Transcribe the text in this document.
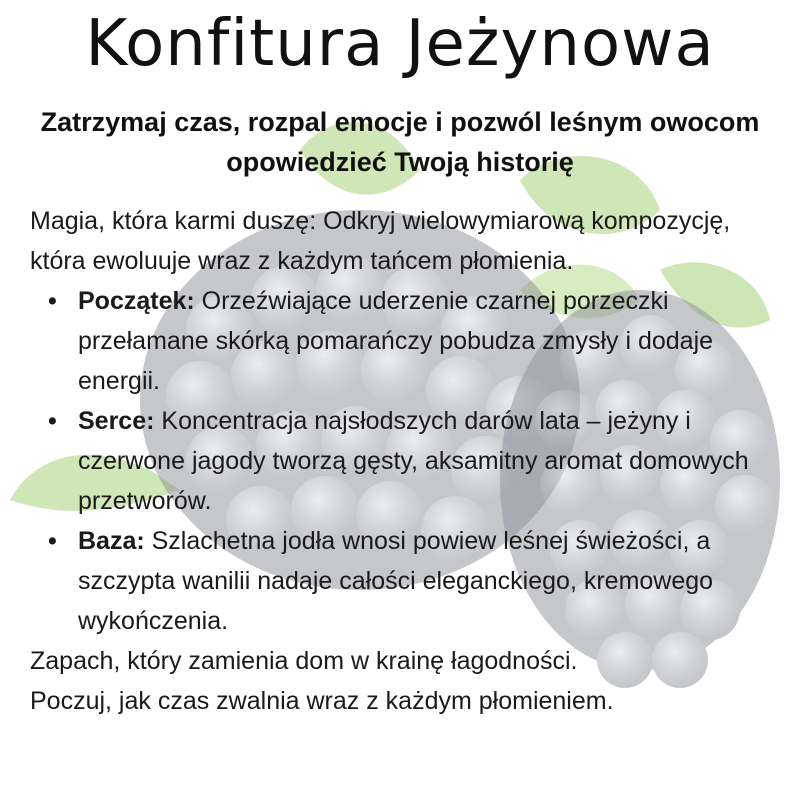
Konfitura Jeżynowa
Zatrzymaj czas, rozpal emocje i pozwól leśnym owocom opowiedzieć Twoją historię

Magia, która karmi duszę: Odkryj wielowymiarową kompozycję, która ewoluuje wraz z każdym tańcem płomienia.

• Początek: Orzeźwiające uderzenie czarnej porzeczki przełamane skórką pomarańczy pobudza zmysły i dodaje energii.
• Serce: Koncentracja najsłodszych darów lata – jeżyny i czerwone jagody tworzą gęsty, aksamitny aromat domowych przetworów.
• Baza: Szlachetna jodła wnosi powiew leśnej świeżości, a szczypta wanilii nadaje całości eleganckiego, kremowego wykończenia.

Zapach, który zamienia dom w krainę łagodności.

Poczuj, jak czas zwalnia wraz z każdym płomieniem.
